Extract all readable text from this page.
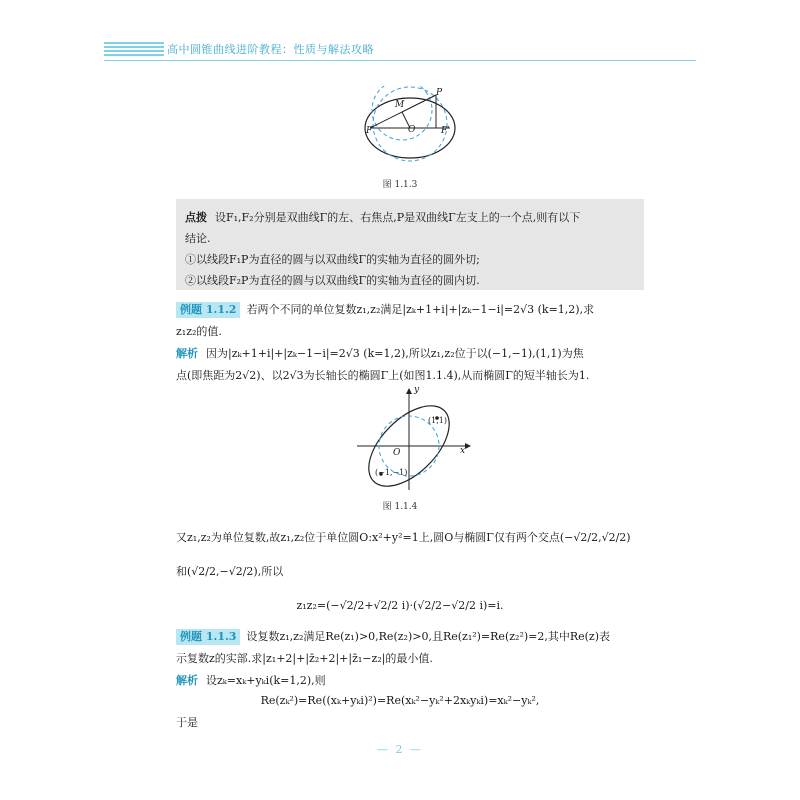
高中圆锥曲线进阶教程：性质与解法攻略
P
M
O
F	F'
图 1.1.3
点拨 设F₁,F₂分别是双曲线Γ的左、右焦点,P是双曲线Γ左支上的一个点,则有以下
结论.
①以线段F₁P为直径的圆与以双曲线Γ的实轴为直径的圆外切;
②以线段F₂P为直径的圆与以双曲线Γ的实轴为直径的圆内切.
例题 1.1.2 若两个不同的单位复数z₁,z₂满足|zₖ+1+i|+|zₖ−1−i|=2√3 (k=1,2),求
z₁z₂的值.
解析 因为|zₖ+1+i|+|zₖ−1−i|=2√3 (k=1,2),所以z₁,z₂位于以(−1,−1),(1,1)为焦
点(即焦距为2√2)、以2√3为长轴长的椭圆Γ上(如图1.1.4),从而椭圆Γ的短半轴长为1.
y
x
O
(1,1)
(−1,−1)
图 1.1.4
又z₁,z₂为单位复数,故z₁,z₂位于单位圆O:x²+y²=1上,圆O与椭圆Γ仅有两个交点(−√2/2,√2/2)
和(√2/2,−√2/2),所以
z₁z₂=(−√2/2+√2/2 i)·(√2/2−√2/2 i)=i.
例题 1.1.3 设复数z₁,z₂满足Re(z₁)>0,Re(z₂)>0,且Re(z₁²)=Re(z₂²)=2,其中Re(z)表
示复数z的实部.求|z₁+2|+|z̄₂+2|+|z̄₁−z₂|的最小值.
解析 设zₖ=xₖ+yₖi(k=1,2),则
Re(zₖ²)=Re((xₖ+yₖi)²)=Re(xₖ²−yₖ²+2xₖyₖi)=xₖ²−yₖ²,
于是
— 2 —
